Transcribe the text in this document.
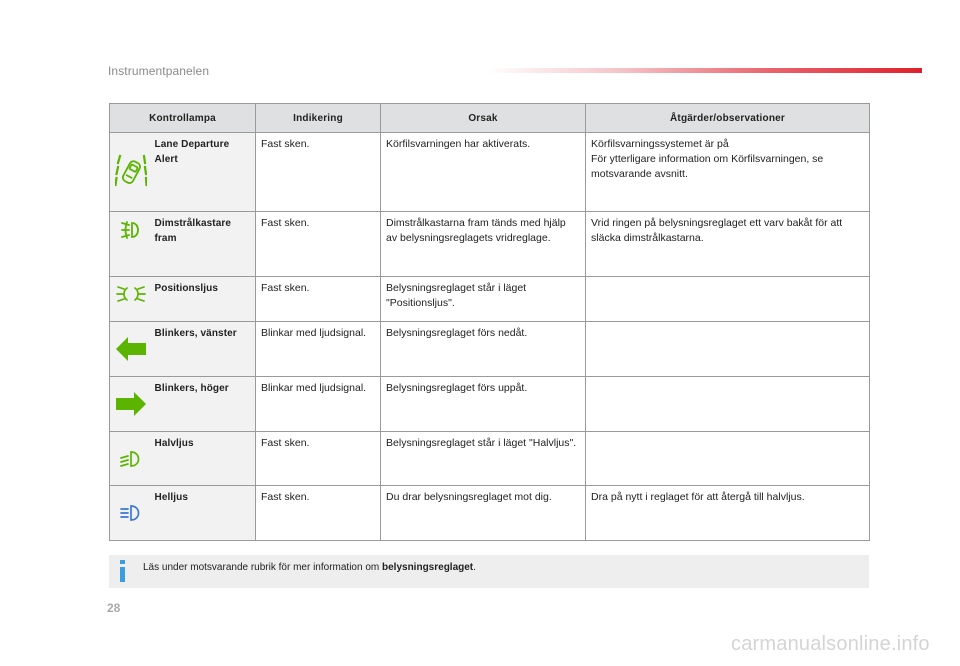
Instrumentpanelen
Kontrollampa		Indikering	Orsak	Åtgärder/observationer

	Lane Departure Alert	Fast sken.	Körfilsvarningen har aktiverats.	Körfilsvarningssystemet är på
För ytterligare information om Körfilsvarningen, se motsvarande avsnitt.

	Dimstrålkastare fram	Fast sken.	Dimstrålkastarna fram tänds med hjälp av belysningsreglagets vridreglage.	Vrid ringen på belysningsreglaget ett varv bakåt för att släcka dimstrålkastarna.

	Positionsljus	Fast sken.	Belysningsreglaget står i läget "Positionsljus".	

	Blinkers, vänster	Blinkar med ljudsignal.	Belysningsreglaget förs nedåt.	

	Blinkers, höger	Blinkar med ljudsignal.	Belysningsreglaget förs uppåt.	

	Halvljus	Fast sken.	Belysningsreglaget står i läget "Halvljus".	

	Helljus	Fast sken.	Du drar belysningsreglaget mot dig.	Dra på nytt i reglaget för att återgå till halvljus.
Läs under motsvarande rubrik för mer information om belysningsreglaget.
28
carmanualsonline.info
